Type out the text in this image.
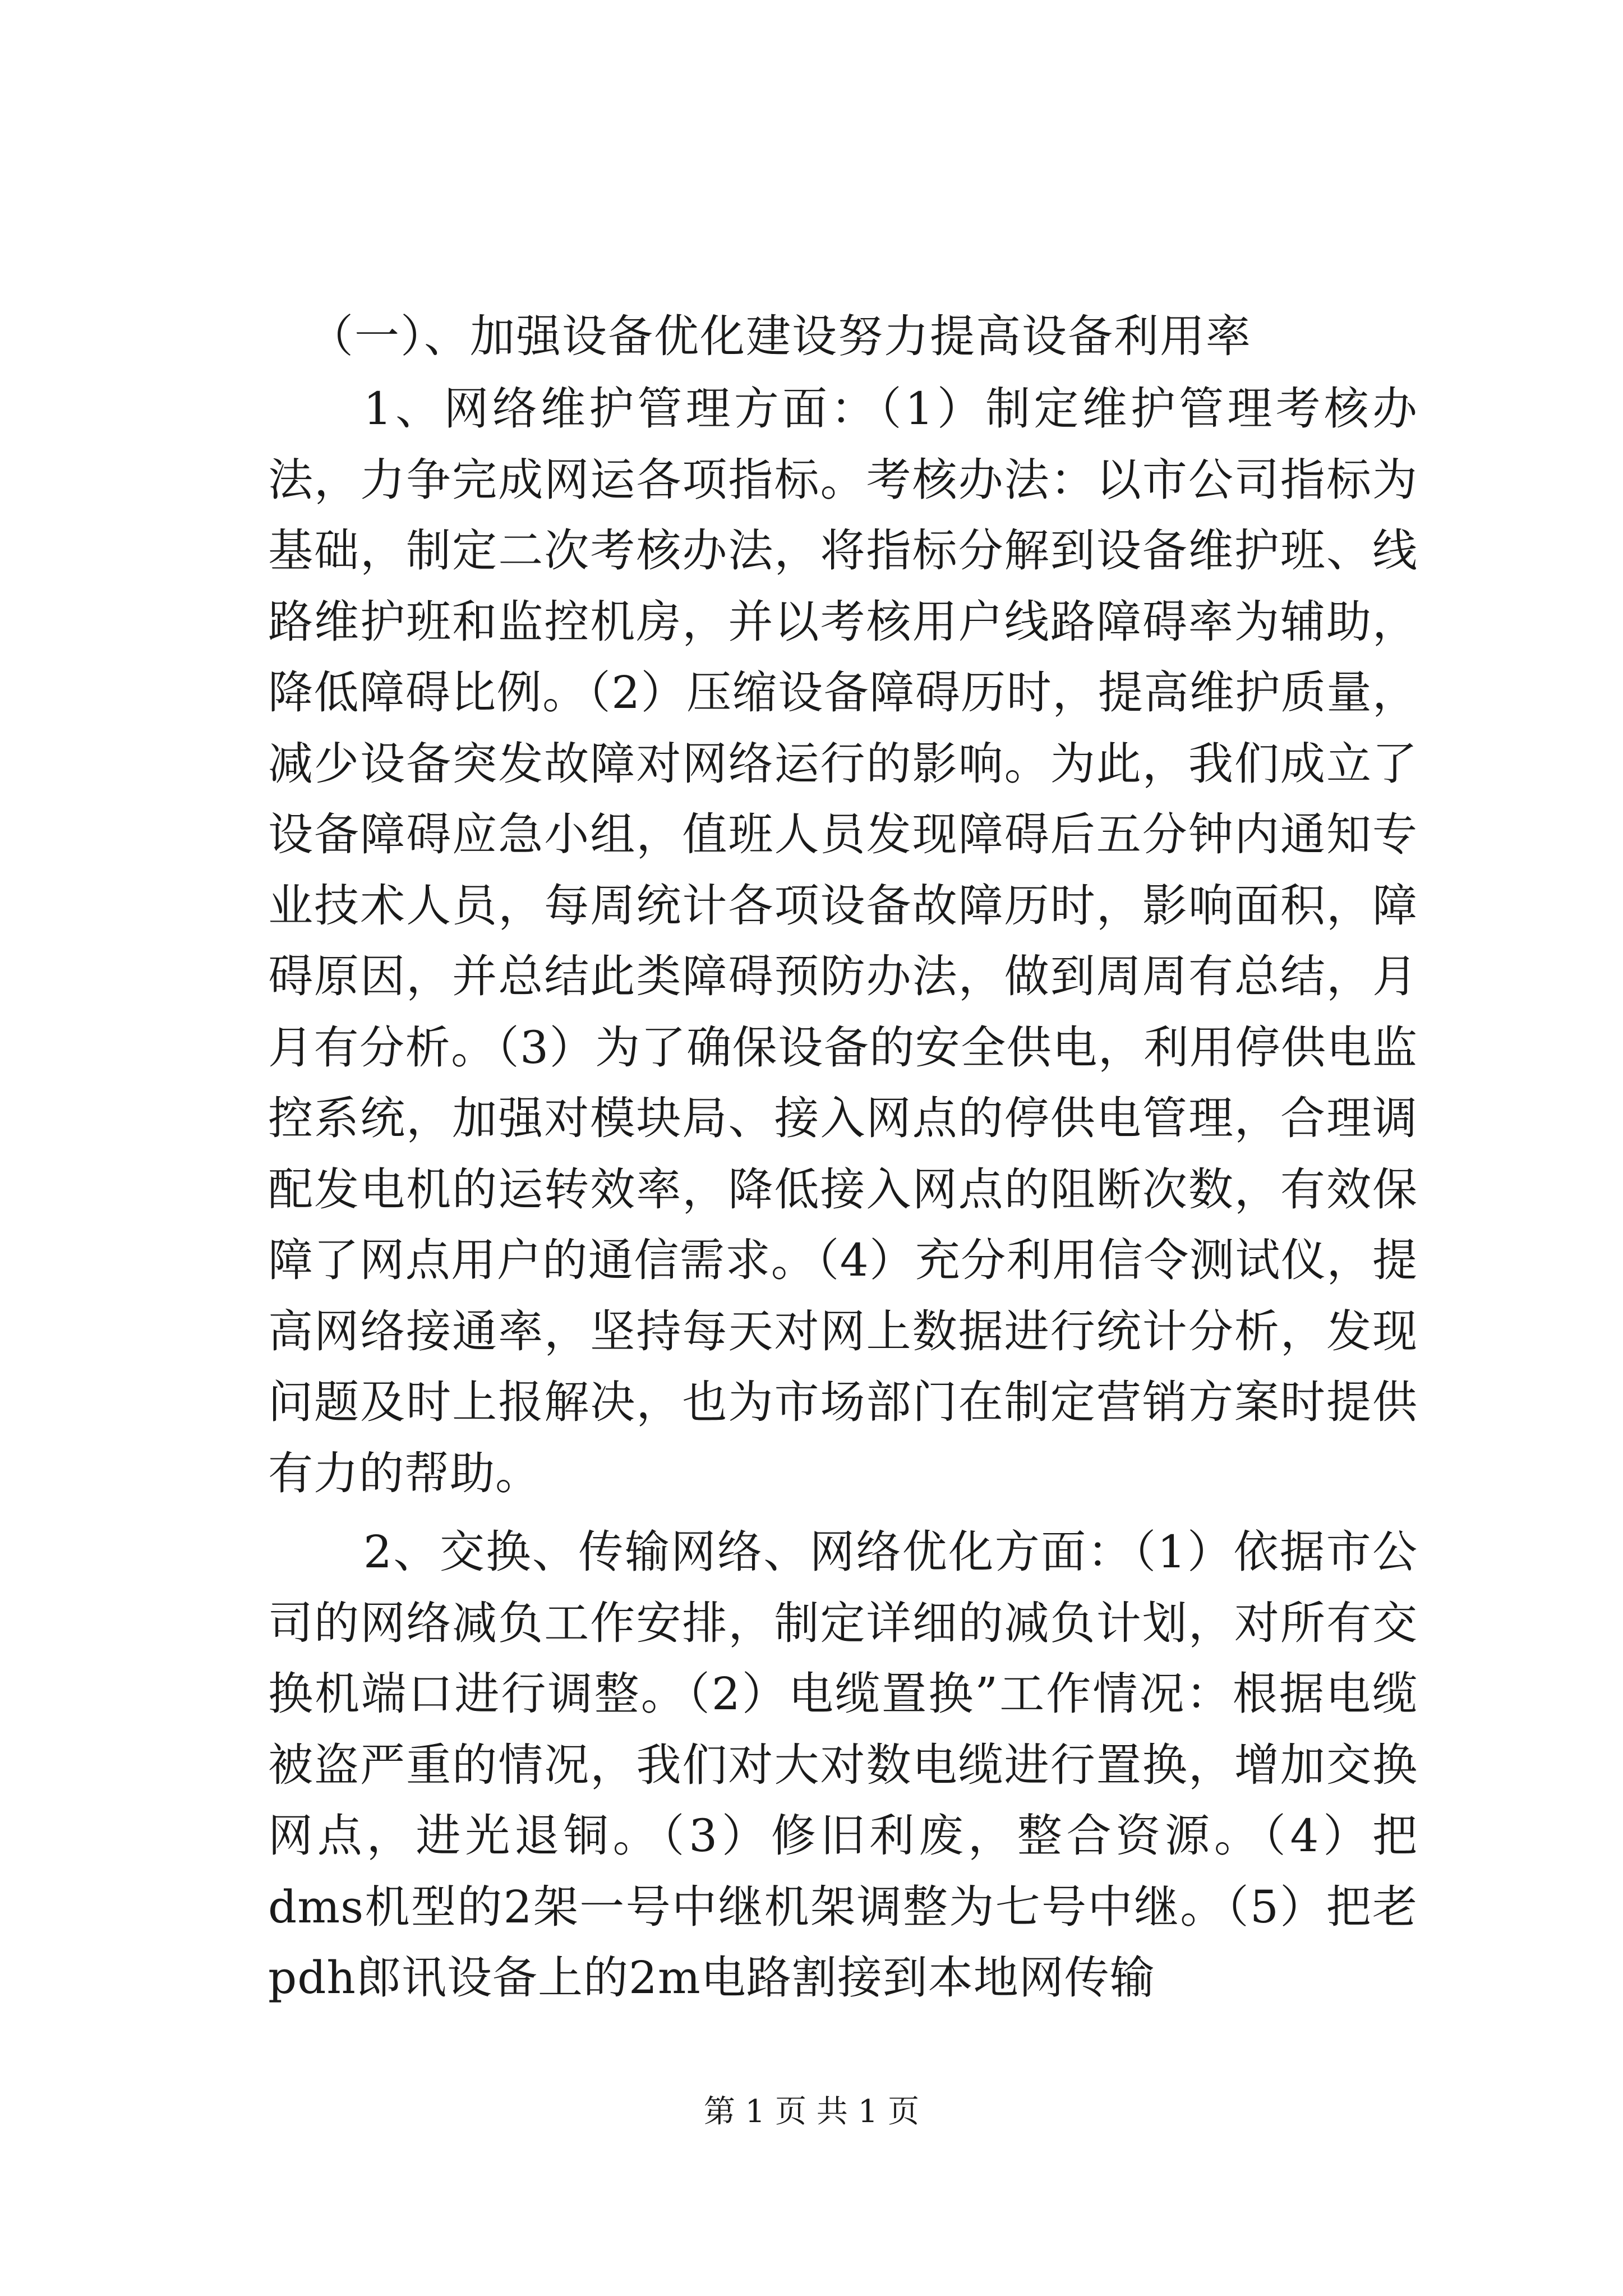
（一）、加强设备优化建设努力提高设备利用率

1、网络维护管理方面：（1）制定维护管理考核办法，力争完成网运各项指标。考核办法：以市公司指标为基础，制定二次考核办法，将指标分解到设备维护班、线路维护班和监控机房，并以考核用户线路障碍率为辅助，降低障碍比例。（2）压缩设备障碍历时，提高维护质量，减少设备突发故障对网络运行的影响。为此，我们成立了设备障碍应急小组，值班人员发现障碍后五分钟内通知专业技术人员，每周统计各项设备故障历时，影响面积，障碍原因，并总结此类障碍预防办法，做到周周有总结，月月有分析。（3）为了确保设备的安全供电，利用停供电监控系统，加强对模块局、接入网点的停供电管理，合理调配发电机的运转效率，降低接入网点的阻断次数，有效保障了网点用户的通信需求。（4）充分利用信令测试仪，提高网络接通率，坚持每天对网上数据进行统计分析，发现问题及时上报解决，也为市场部门在制定营销方案时提供有力的帮助。

2、交换、传输网络、网络优化方面：（1）依据市公司的网络减负工作安排，制定详细的减负计划，对所有交换机端口进行调整。（2）电缆置换”工作情况：根据电缆被盗严重的情况，我们对大对数电缆进行置换，增加交换网点，进光退铜。（3）修旧利废，整合资源。（4）把dms机型的2架一号中继机架调整为七号中继。（5）把老pdh郎讯设备上的2m电路割接到本地网传输

第 1 页 共 1 页
